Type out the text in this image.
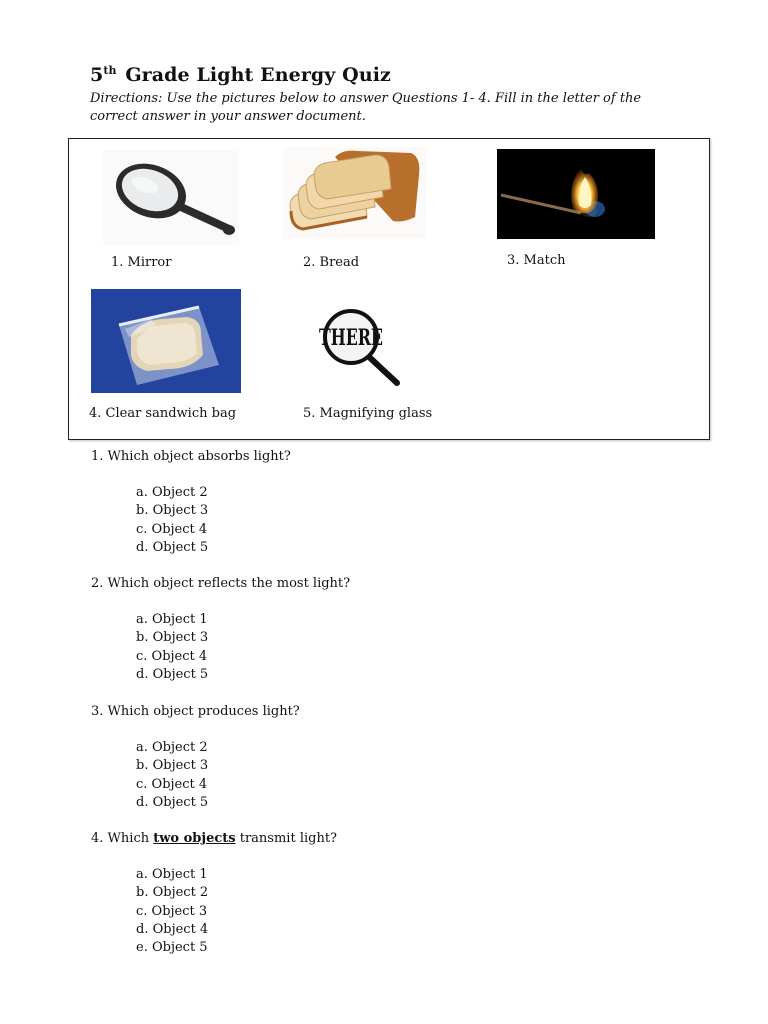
5th Grade Light Energy Quiz
Directions: Use the pictures below to answer Questions 1- 4. Fill in the letter of the correct answer in your answer document.
1. Mirror	2. Bread	3. Match
4. Clear sandwich bag
THERE
5. Magnifying glass
1. Which object absorbs light?
a. Object 2
b. Object 3
c. Object 4
d. Object 5
2. Which object reflects the most light?
a. Object 1
b. Object 3
c. Object 4
d. Object 5
3. Which object produces light?
a. Object 2
b. Object 3
c. Object 4
d. Object 5
4. Which two objects transmit light?
a. Object 1
b. Object 2
c. Object 3
d. Object 4
e. Object 5
